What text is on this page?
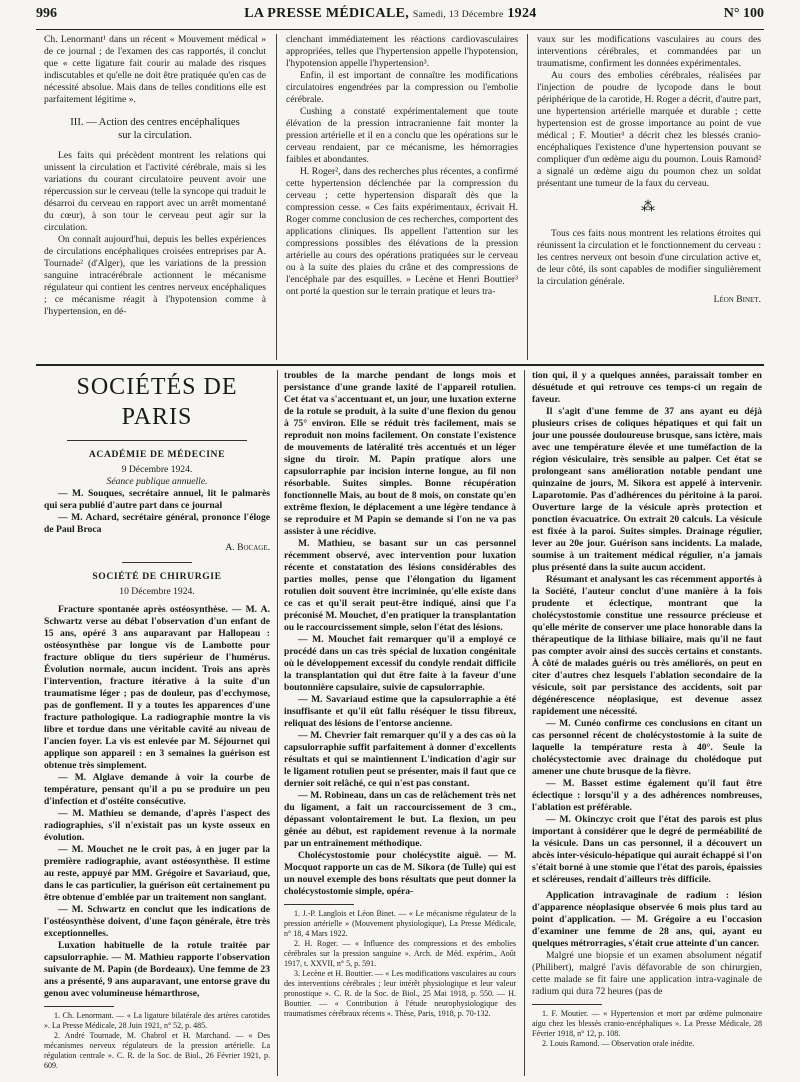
996	LA PRESSE MÉDICALE, Samedi, 13 Décembre 1924	N° 100

Ch. Lenormant¹ dans un récent « Mouvement médical » de ce journal ; de l'examen des cas rapportés, il conclut que « cette ligature fait courir au malade des risques indiscutables et qu'elle ne doit être pratiquée qu'en cas de nécessité absolue. Mais dans de telles conditions elle est parfaitement légitime ».

III. — Action des centres encéphaliques
sur la circulation.

Les faits qui précèdent montrent les relations qui unissent la circulation et l'activité cérébrale, mais si les variations du courant circulatoire peuvent avoir une répercussion sur le cerveau (telle la syncope qui traduit le désarroi du cerveau en rapport avec un arrêt momentané du cœur), à son tour le cerveau peut agir sur la circulation.

On connaît aujourd'hui, depuis les belles expériences de circulations encéphaliques croisées entreprises par A. Tournade² (d'Alger), que les variations de la pression sanguine intracérébrale actionnent le mécanisme régulateur qui contient les centres nerveux encéphaliques ; ce mécanisme réagit à l'hypotension comme à l'hypertension, en dé-

clenchant immédiatement les réactions cardiovasculaires appropriées, telles que l'hypertension appelle l'hypotension, l'hypotension appelle l'hypertension³.

Enfin, il est important de connaître les modifications circulatoires engendrées par la compression ou l'embolie cérébrale.

Cushing a constaté expérimentalement que toute élévation de la pression intracranienne fait monter la pression artérielle et il en a conclu que les opérations sur le cerveau rendaient, par ce mécanisme, les hémorragies faibles et abondantes.

H. Roger², dans des recherches plus récentes, a confirmé cette hypertension déclenchée par la compression du cerveau ; cette hypertension disparaît dès que la compression cesse. « Ces faits expérimentaux, écrivait H. Roger comme conclusion de ces recherches, comportent des applications cliniques. Ils appellent l'attention sur les compressions possibles des élévations de la pression artérielle au cours des opérations pratiquées sur le cerveau ou à la suite des plaies du crâne et des compressions de l'encéphale par des esquilles. » Lecène et Henri Bouttier³ ont porté la question sur le terrain pratique et leurs tra-

vaux sur les modifications vasculaires au cours des interventions cérébrales, et commandées par un traumatisme, confirment les données expérimentales.

Au cours des embolies cérébrales, réalisées par l'injection de poudre de lycopode dans le bout périphérique de la carotide, H. Roger a décrit, d'autre part, une hypertension artérielle marquée et durable ; cette hypertension est de grosse importance au point de vue médical ; F. Moutier¹ a décrit chez les blessés cranio-encéphaliques l'existence d'une hypertension pouvant se compliquer d'un œdème aigu du poumon. Louis Ramond² a signalé un œdème aigu du poumon chez un soldat présentant une tumeur de la faux du cerveau.

⁂

Tous ces faits nous montrent les relations étroites qui réunissent la circulation et le fonctionnement du cerveau : les centres nerveux ont besoin d'une circulation active et, de leur côté, ils sont capables de modifier singulièrement la circulation générale.

Léon Binet.
SOCIÉTÉS DE PARIS
ACADÉMIE DE MÉDECINE
9 Décembre 1924.
Séance publique annuelle.

— M. Souques, secrétaire annuel, lit le palmarès qui sera publié d'autre part dans ce journal

— M. Achard, secrétaire général, prononce l'éloge de Paul Broca

A. Bocage.
SOCIÉTÉ DE CHIRURGIE
10 Décembre 1924.

Fracture spontanée après ostéosynthèse. — M. A. Schwartz verse au débat l'observation d'un enfant de 15 ans, opéré 3 ans auparavant par Hallopeau : ostéosynthèse par longue vis de Lambotte pour fracture oblique du tiers supérieur de l'humérus. Évolution normale, aucun incident. Trois ans après l'intervention, fracture itérative à la suite d'un traumatisme léger ; pas de douleur, pas d'ecchymose, pas de gonflement. Il y a toutes les apparences d'une fracture pathologique. La radiographie montre la vis libre et tordue dans une véritable cavité au niveau de l'ancien foyer. La vis est enlevée par M. Séjournet qui applique son appareil : en 3 semaines la guérison est obtenue très simplement.

— M. Alglave demande à voir la courbe de température, pensant qu'il a pu se produire un peu d'infection et d'ostéite consécutive.

— M. Mathieu se demande, d'après l'aspect des radiographies, s'il n'existait pas un kyste osseux en évolution.

— M. Mouchet ne le croit pas, à en juger par la première radiographie, avant ostéosynthèse. Il estime au reste, appuyé par MM. Grégoire et Savariaud, que, dans le cas particulier, la guérison eût certainement pu être obtenue d'emblée par un traitement non sanglant.

— M. Schwartz en conclut que les indications de l'ostéosynthèse doivent, d'une façon générale, être très exceptionnelles.

Luxation habituelle de la rotule traitée par capsulorraphie. — M. Mathieu rapporte l'observation suivante de M. Papin (de Bordeaux). Une femme de 23 ans a présenté, 9 ans auparavant, une entorse grave du genou avec volumineuse hémarthrose,

1. Ch. Lenormant. — « La ligature bilatérale des artères carotides ». La Presse Médicale, 28 Juin 1921, n° 52, p. 485.

2. André Tournade, M. Chabrol et H. Marchand. — « Des mécanismes nerveux régulateurs de la pression artérielle. La régulation centrale ». C. R. de la Soc. de Biol., 26 Février 1921, p. 609.

troubles de la marche pendant de longs mois et persistance d'une grande laxité de l'appareil rotulien. Cet état va s'accentuant et, un jour, une luxation externe de la rotule se produit, à la suite d'une flexion du genou à 75° environ. Elle se réduit très facilement, mais se reproduit non moins facilement. On constate l'existence de mouvements de latéralité très accentués et un léger signe du tiroir. M. Papin pratique alors une capsulorraphie par incision interne longue, au fil non résorbable. Suites simples. Bonne récupération fonctionnelle Mais, au bout de 8 mois, on constate qu'en extrême flexion, le déplacement a une légère tendance à se reproduire et M Papin se demande si l'on ne va pas assister à une récidive.

M. Mathieu, se basant sur un cas personnel récemment observé, avec intervention pour luxation récente et constatation des lésions considérables des parties molles, pense que l'élongation du ligament rotulien doit souvent être incriminée, qu'elle existe dans ce cas et qu'il serait peut-être indiqué, ainsi que l'a préconisé M. Mouchet, d'en pratiquer la transplantation ou le raccourcissement simple, selon l'état des lésions.

— M. Mouchet fait remarquer qu'il a employé ce procédé dans un cas très spécial de luxation congénitale où le développement excessif du condyle rendait difficile la transplantation qui dut être faite à la faveur d'une boutonnière capsulaire, suivie de capsulorraphie.

— M. Savariaud estime que la capsulorraphie a été insuffisante et qu'il eût fallu réséquer le tissu fibreux, reliquat des lésions de l'entorse ancienne.

— M. Chevrier fait remarquer qu'il y a des cas où la capsulorraphie suffit parfaitement à donner d'excellents résultats et qui se maintiennent L'indication d'agir sur le ligament rotulien peut se présenter, mais il faut que ce dernier soit relâché, ce qui n'est pas constant.

— M. Robineau, dans un cas de relâchement très net du ligament, a fait un raccourcissement de 3 cm., dépassant volontairement le but. La flexion, un peu gênée au début, est rapidement revenue à la normale par un entraînement méthodique.

Cholécystostomie pour cholécystite aiguë. — M. Mocquot rapporte un cas de M. Sikora (de Tulle) qui est un nouvel exemple des bons résultats que peut donner la cholécystostomie simple, opéra-

1. J.-P. Langlois et Léon Binet. — « Le mécanisme régulateur de la pression artérielle » (Mouvement physiologique), La Presse Médicale, n° 18, 4 Mars 1922.

2. H. Roger. — « Influence des compressions et des embolies cérébrales sur la pression sanguine ». Arch. de Méd. expérim., Août 1917, t. XXVII, n° 5, p. 591.

3. Lecène et H. Bouttier. — « Les modifications vasculaires au cours des interventions cérébrales ; leur intérêt physiologique et leur valeur pronostique ». C. R. de la Soc. de Biol., 25 Mai 1918, p. 550. — H. Bouttier. — « Contribution à l'étude neurophysiologique des traumatismes cérébraux récents ». Thèse, Paris, 1918, p. 70-132.

tion qui, il y a quelques années, paraissait tomber en désuétude et qui retrouve ces temps-ci un regain de faveur.

Il s'agit d'une femme de 37 ans ayant eu déjà plusieurs crises de coliques hépatiques et qui fait un jour une poussée douloureuse brusque, sans ictère, mais avec une température élevée et une tuméfaction de la région vésiculaire, très sensible au palper. Cet état se prolongeant sans amélioration notable pendant une quinzaine de jours, M. Sikora est appelé à intervenir. Laparotomie. Pas d'adhérences du péritoine à la paroi. Ouverture large de la vésicule après protection et ponction évacuatrice. On extrait 20 calculs. La vésicule est fixée à la paroi. Suites simples. Drainage régulier, lever au 20e jour. Guérison sans incidents. La malade, soumise à un traitement médical régulier, n'a jamais plus présenté dans la suite aucun accident.

Résumant et analysant les cas récemment apportés à la Société, l'auteur conclut d'une manière à la fois prudente et éclectique, montrant que la cholécystostomie constitue une ressource précieuse et qu'elle mérite de conserver une place honorable dans la thérapeutique de la lithiase biliaire, mais qu'il ne faut pas compter avoir ainsi des succès certains et constants. À côté de malades guéris ou très améliorés, on peut en citer d'autres chez lesquels l'ablation secondaire de la vésicule, soit par persistance des accidents, soit par dégénérescence néoplasique, est devenue assez rapidement une nécessité.

— M. Cunéo confirme ces conclusions en citant un cas personnel récent de cholécystostomie à la suite de laquelle la température resta à 40°. Seule la cholécystectomie avec drainage du cholédoque put amener une chute brusque de la fièvre.

— M. Basset estime également qu'il faut être éclectique : lorsqu'il y a des adhérences nombreuses, l'ablation est préférable.

— M. Okinczyc croit que l'état des parois est plus important à considérer que le degré de perméabilité de la vésicule. Dans un cas personnel, il a découvert un abcès inter-vésiculo-hépatique qui aurait échappé si l'on s'était borné à une stomie que l'état des parois, épaissies et scléreuses, rendait d'ailleurs très difficile.

Application intravaginale de radium : lésion d'apparence néoplasique observée 6 mois plus tard au point d'application. — M. Grégoire a eu l'occasion d'examiner une femme de 28 ans, qui, ayant eu quelques métrorragies, s'était crue atteinte d'un cancer.

Malgré une biopsie et un examen absolument négatif (Philibert), malgré l'avis défavorable de son chirurgien, cette malade se fit faire une application intra-vaginale de radium qui dura 72 heures (pas de

1. F. Moutier. — « Hypertension et mort par œdème pulmonaire aigu chez les blessés cranio-encéphaliques ». La Presse Médicale, 28 Février 1918, n° 12, p. 108.

2. Louis Ramond. — Observation orale inédite.
